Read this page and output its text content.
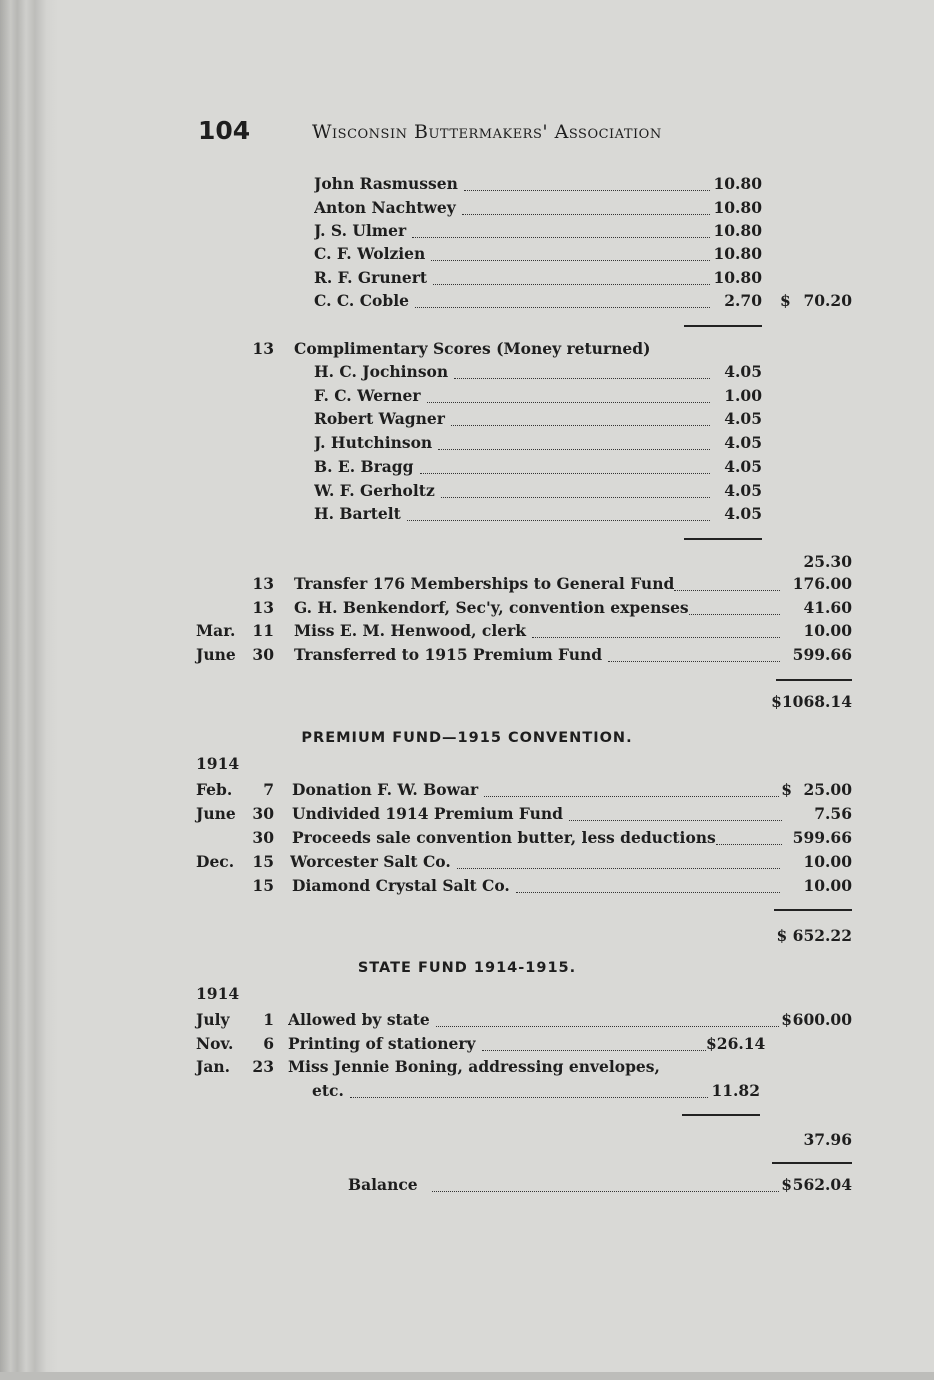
104	Wisconsin Buttermakers' Association
John Rasmussen	10.80
Anton Nachtwey	10.80
J. S. Ulmer	10.80
C. F. Wolzien	10.80
R. F. Grunert	10.80
C. C. Coble	2.70 $ 70.20
13 Complimentary Scores (Money returned)
H. C. Jochinson	4.05
F. C. Werner	1.00
Robert Wagner	4.05
J. Hutchinson	4.05
B. E. Bragg	4.05
W. F. Gerholtz	4.05
H. Bartelt	4.05
25.30
13 Transfer 176 Memberships to General Fund	176.00
13 G. H. Benkendorf, Sec'y, convention expenses	41.60
Mar. 11 Miss E. M. Henwood, clerk	10.00
June 30 Transferred to 1915 Premium Fund	599.66
$1068.14
PREMIUM FUND—1915 CONVENTION.
1914
Feb. 7 Donation F. W. Bowar	$ 25.00
June 30 Undivided 1914 Premium Fund	7.56
30 Proceeds sale convention butter, less deductions	599.66
Dec. 15 Worcester Salt Co.	10.00
15 Diamond Crystal Salt Co.	10.00
$ 652.22
STATE FUND 1914-1915.
1914
July 1 Allowed by state	$ 600.00
Nov. 6 Printing of stationery	$26.14
Jan. 23 Miss Jennie Boning, addressing envelopes,
etc.	11.82
37.96
Balance	$ 562.04
